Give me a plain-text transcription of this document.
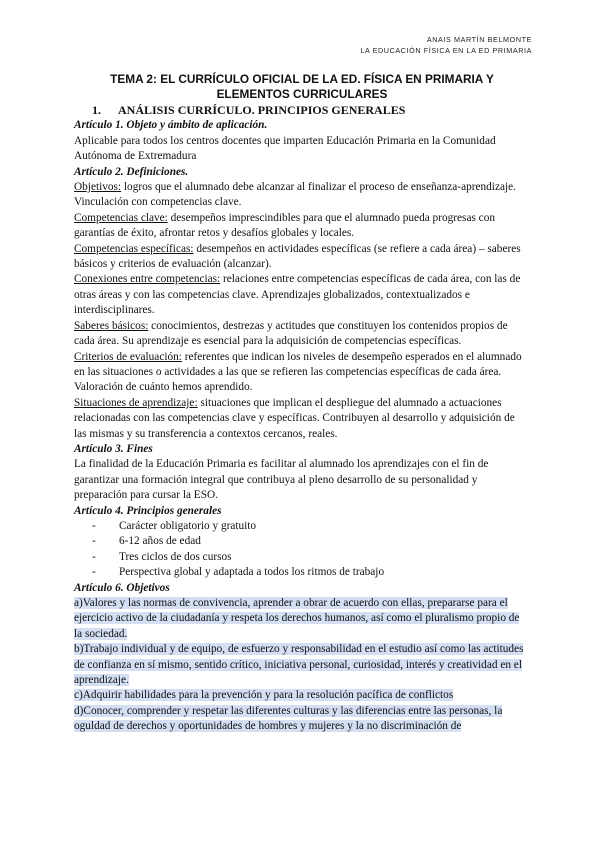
ANAIS MARTÍN BELMONTE
LA EDUCACIÓN FÍSICA EN LA ED PRIMARIA
TEMA 2: EL CURRÍCULO OFICIAL DE LA ED. FÍSICA EN PRIMARIA Y ELEMENTOS CURRICULARES
1. ANÁLISIS CURRÍCULO. PRINCIPIOS GENERALES

Artículo 1. Objeto y ámbito de aplicación.

Aplicable para todos los centros docentes que imparten Educación Primaria en la Comunidad Autónoma de Extremadura

Artículo 2. Definiciones.

Objetivos: logros que el alumnado debe alcanzar al finalizar el proceso de enseñanza-aprendizaje. Vinculación con competencias clave.

Competencias clave: desempeños imprescindibles para que el alumnado pueda progresas con garantías de éxito, afrontar retos y desafíos globales y locales.

Competencias específicas: desempeños en actividades específicas (se refiere a cada área) – saberes básicos y criterios de evaluación (alcanzar).

Conexiones entre competencias: relaciones entre competencias específicas de cada área, con las de otras áreas y con las competencias clave. Aprendizajes globalizados, contextualizados e interdisciplinares.

Saberes básicos: conocimientos, destrezas y actitudes que constituyen los contenidos propios de cada área. Su aprendizaje es esencial para la adquisición de competencias específicas.

Criterios de evaluación: referentes que indican los niveles de desempeño esperados en el alumnado en las situaciones o actividades a las que se refieren las competencias específicas de cada área. Valoración de cuánto hemos aprendido.

Situaciones de aprendizaje: situaciones que implican el despliegue del alumnado a actuaciones relacionadas con las competencias clave y específicas. Contribuyen al desarrollo y adquisición de las mismas y su transferencia a contextos cercanos, reales.

Artículo 3. Fines

La finalidad de la Educación Primaria es facilitar al alumnado los aprendizajes con el fin de garantizar una formación integral que contribuya al pleno desarrollo de su personalidad y preparación para cursar la ESO.

Artículo 4. Principios generales

- Carácter obligatorio y gratuito
- 6-12 años de edad
- Tres ciclos de dos cursos
- Perspectiva global y adaptada a todos los ritmos de trabajo

Artículo 6. Objetivos

a)Valores y las normas de convivencia, aprender a obrar de acuerdo con ellas, prepararse para el ejercicio activo de la ciudadanía y respeta los derechos humanos, así como el pluralismo propio de la sociedad.

b)Trabajo individual y de equipo, de esfuerzo y responsabilidad en el estudio así como las actitudes de confianza en sí mismo, sentido crítico, iniciativa personal, curiosidad, interés y creatividad en el aprendizaje.

c)Adquirir habilidades para la prevención y para la resolución pacífica de conflictos

d)Conocer, comprender y respetar las diferentes culturas y las diferencias entre las personas, la oguldad de derechos y oportunidades de hombres y mujeres y la no discriminación de
